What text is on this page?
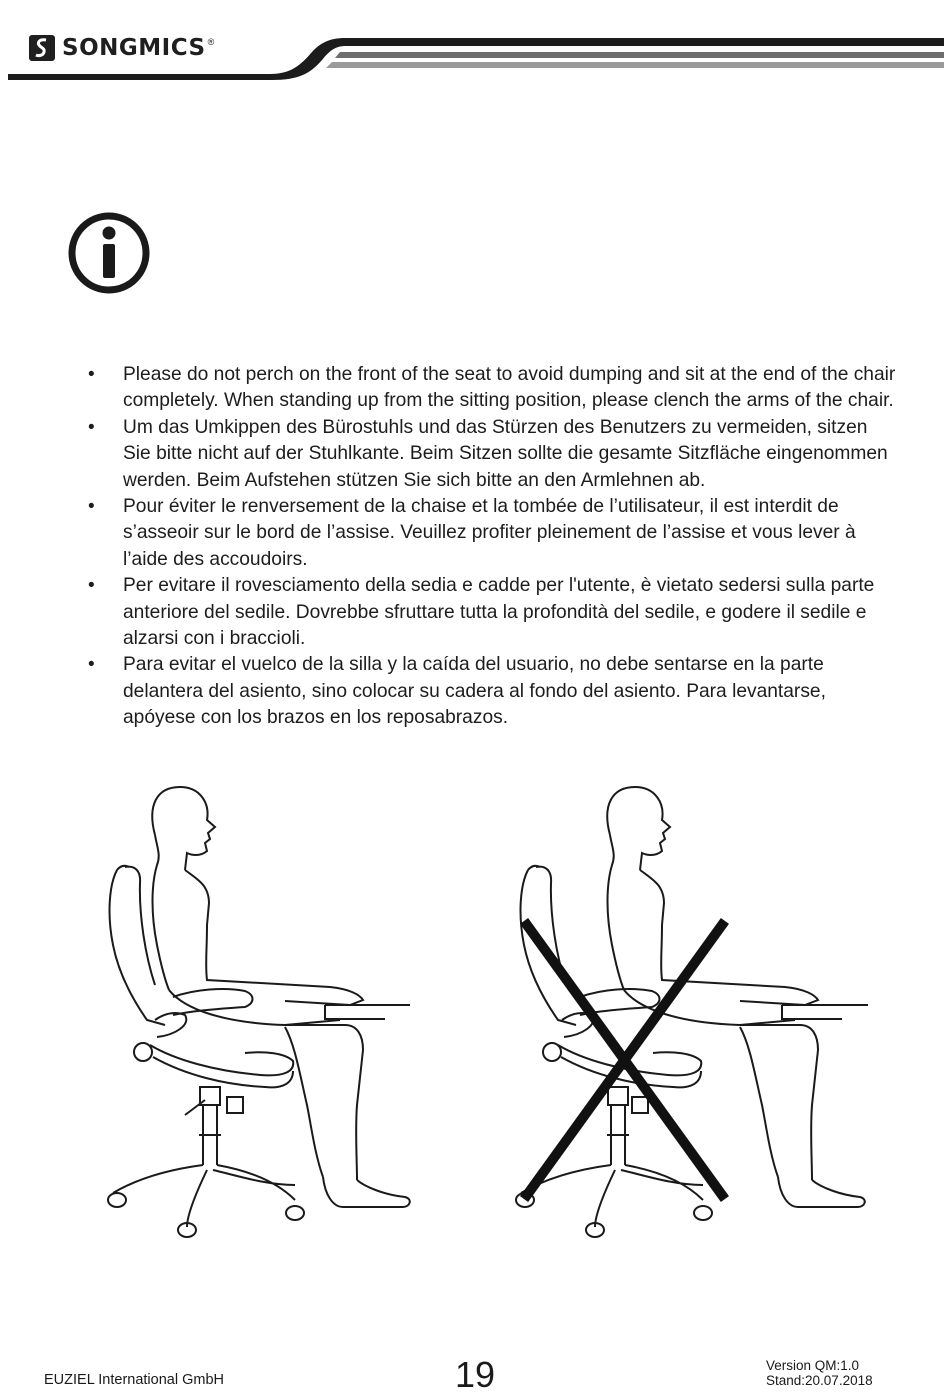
SONGMICS ®
• Please do not perch on the front of the seat to avoid dumping and sit at the end of the chair completely. When standing up from the sitting position, please clench the arms of the chair.
• Um das Umkippen des Bürostuhls und das Stürzen des Benutzers zu vermeiden, sitzen Sie bitte nicht auf der Stuhlkante. Beim Sitzen sollte die gesamte Sitzfläche eingenommen werden. Beim Aufstehen stützen Sie sich bitte an den Armlehnen ab.
• Pour éviter le renversement de la chaise et la tombée de l’utilisateur, il est interdit de s’asseoir sur le bord de l’assise. Veuillez profiter pleinement de l’assise et vous lever à l’aide des accoudoirs.
• Per evitare il rovesciamento della sedia e cadde per l'utente, è vietato sedersi sulla parte anteriore del sedile. Dovrebbe sfruttare tutta la profondità del sedile, e godere il sedile e alzarsi con i braccioli.
• Para evitar el vuelco de la silla y la caída del usuario, no debe sentarse en la parte delantera del asiento, sino colocar su cadera al fondo del asiento. Para levantarse, apóyese con los brazos en los reposabrazos.
EUZIEL International GmbH	19	Version QM:1.0
Stand:20.07.2018
